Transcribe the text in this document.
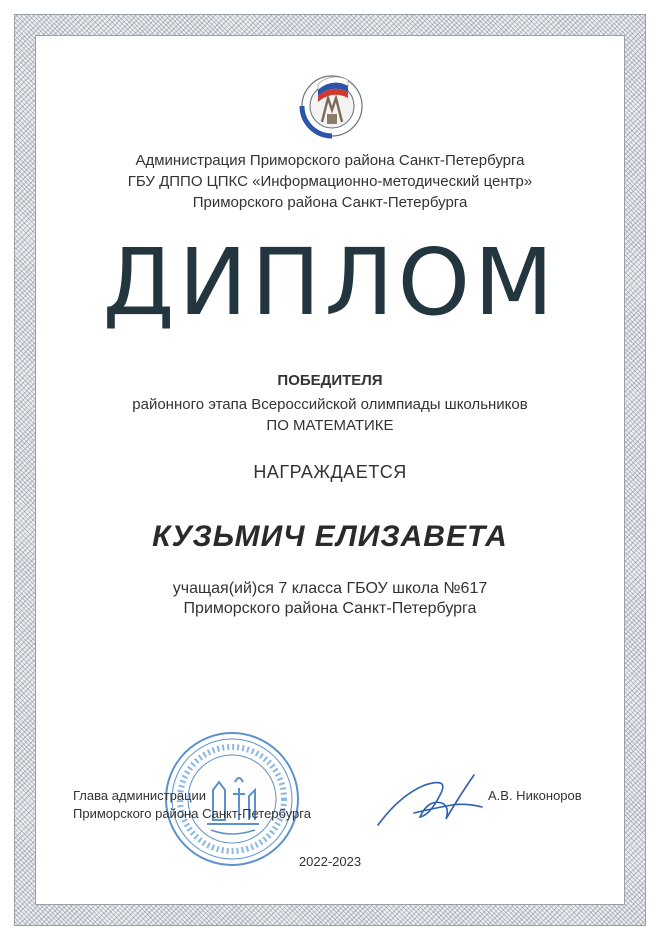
Администрация Приморского района Санкт-Петербурга
ГБУ ДППО ЦПКС «Информационно-методический центр»
Приморского района Санкт-Петербурга
ДИПЛОМ
ПОБЕДИТЕЛЯ
районного этапа Всероссийской олимпиады школьников
ПО МАТЕМАТИКЕ
НАГРАЖДАЕТСЯ
КУЗЬМИЧ ЕЛИЗАВЕТА
учащая(ий)ся 7 класса ГБОУ школа №617
Приморского района Санкт-Петербурга
Глава администрации
Приморского района Санкт-Петербурга
А.В. Никоноров
2022-2023
